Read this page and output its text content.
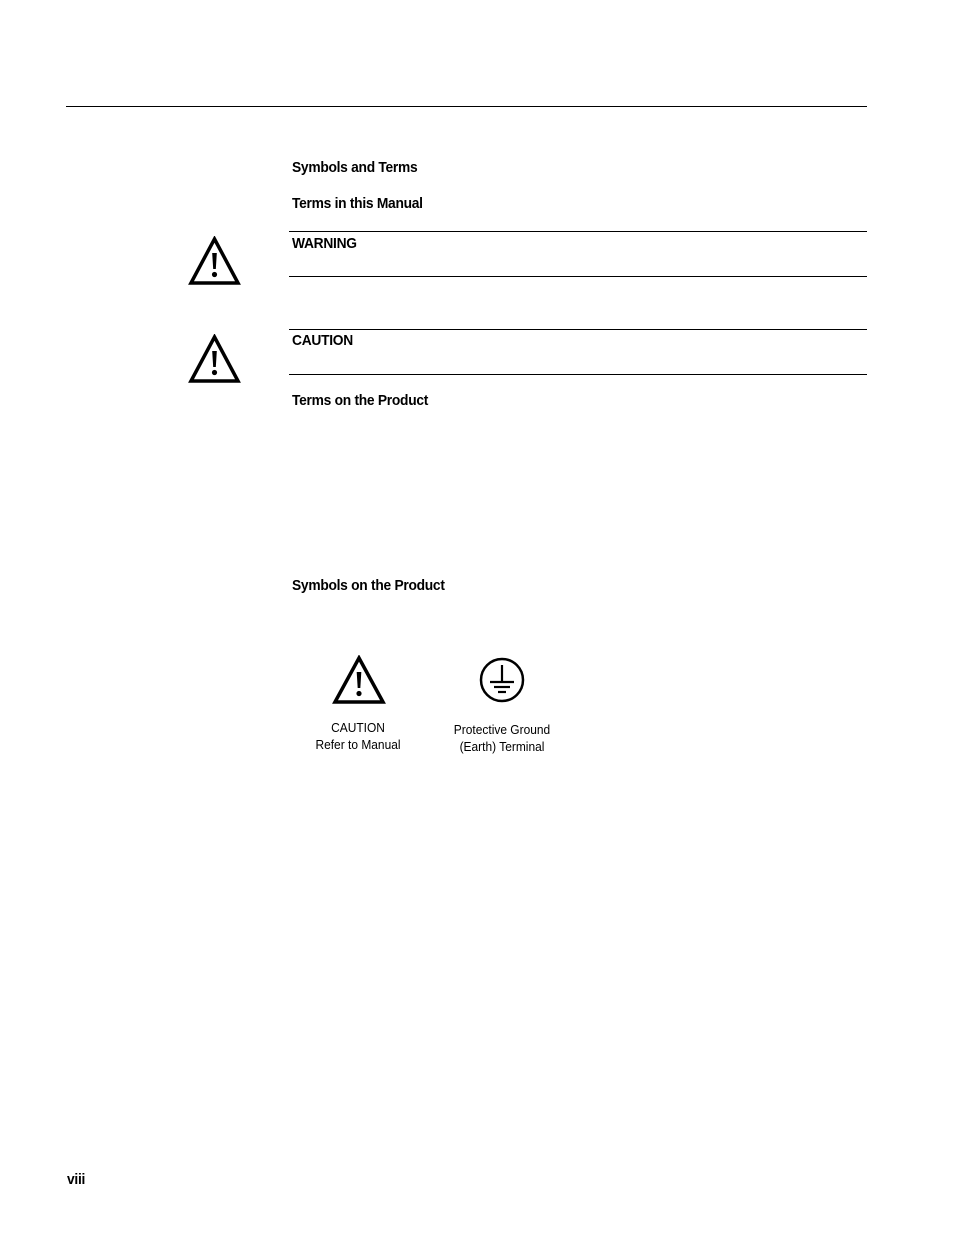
Symbols and Terms
Terms in this Manual
WARNING
CAUTION
Terms on the Product
Symbols on the Product
CAUTION
Refer to Manual
Protective Ground
(Earth) Terminal
viii
